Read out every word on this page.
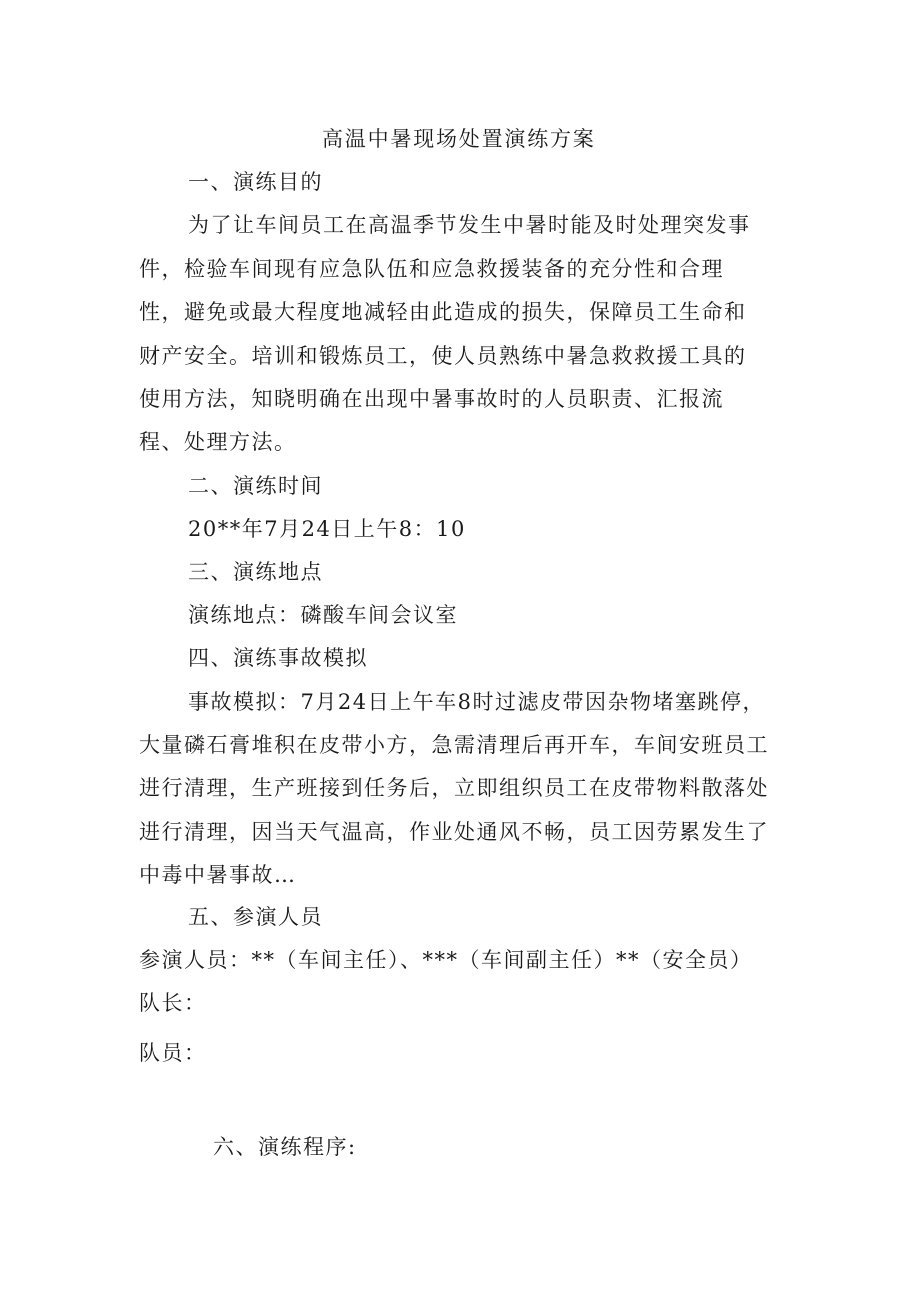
高温中暑现场处置演练方案
一、演练目的
为了让车间员工在高温季节发生中暑时能及时处理突发事
件，检验车间现有应急队伍和应急救援装备的充分性和合理
性，避免或最大程度地减轻由此造成的损失，保障员工生命和
财产安全。培训和锻炼员工，使人员熟练中暑急救救援工具的
使用方法，知晓明确在出现中暑事故时的人员职责、汇报流
程、处理方法。
二、演练时间
20**年7月24日上午8：10
三、演练地点
演练地点：磷酸车间会议室
四、演练事故模拟
事故模拟：7月24日上午车8时过滤皮带因杂物堵塞跳停，
大量磷石膏堆积在皮带小方，急需清理后再开车，车间安班员工
进行清理，生产班接到任务后，立即组织员工在皮带物料散落处
进行清理，因当天气温高，作业处通风不畅，员工因劳累发生了
中毒中暑事故…
五、参演人员
参演人员：**（车间主任）、***（车间副主任）**（安全员）
队长：
队员：
六、演练程序:
